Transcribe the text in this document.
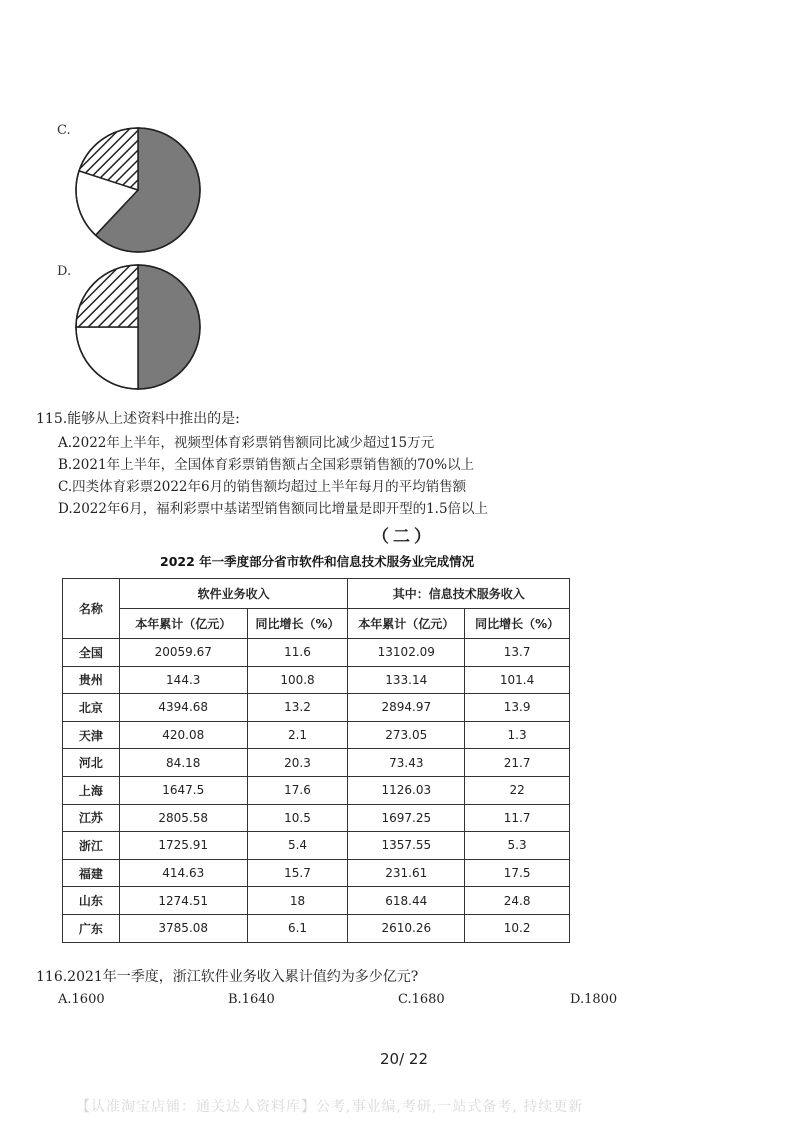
C.
D.
115.能够从上述资料中推出的是:
A.2022年上半年，视频型体育彩票销售额同比减少超过15万元
B.2021年上半年，全国体育彩票销售额占全国彩票销售额的70%以上
C.四类体育彩票2022年6月的销售额均超过上半年每月的平均销售额
D.2022年6月，福利彩票中基诺型销售额同比增量是即开型的1.5倍以上
（二）
2022 年一季度部分省市软件和信息技术服务业完成情况
名称	软件业务收入		其中：信息技术服务收入	
	本年累计（亿元）	同比增长（%）	本年累计（亿元）	同比增长（%）
全国	20059.67	11.6	13102.09	13.7
贵州	144.3	100.8	133.14	101.4
北京	4394.68	13.2	2894.97	13.9
天津	420.08	2.1	273.05	1.3
河北	84.18	20.3	73.43	21.7
上海	1647.5	17.6	1126.03	22
江苏	2805.58	10.5	1697.25	11.7
浙江	1725.91	5.4	1357.55	5.3
福建	414.63	15.7	231.61	17.5
山东	1274.51	18	618.44	24.8
广东	3785.08	6.1	2610.26	10.2
116.2021年一季度，浙江软件业务收入累计值约为多少亿元?
A.1600	B.1640	C.1680	D.1800
20/ 22
【认准淘宝店铺：通关达人资料库】公考,事业编,考研,一站式备考, 持续更新
